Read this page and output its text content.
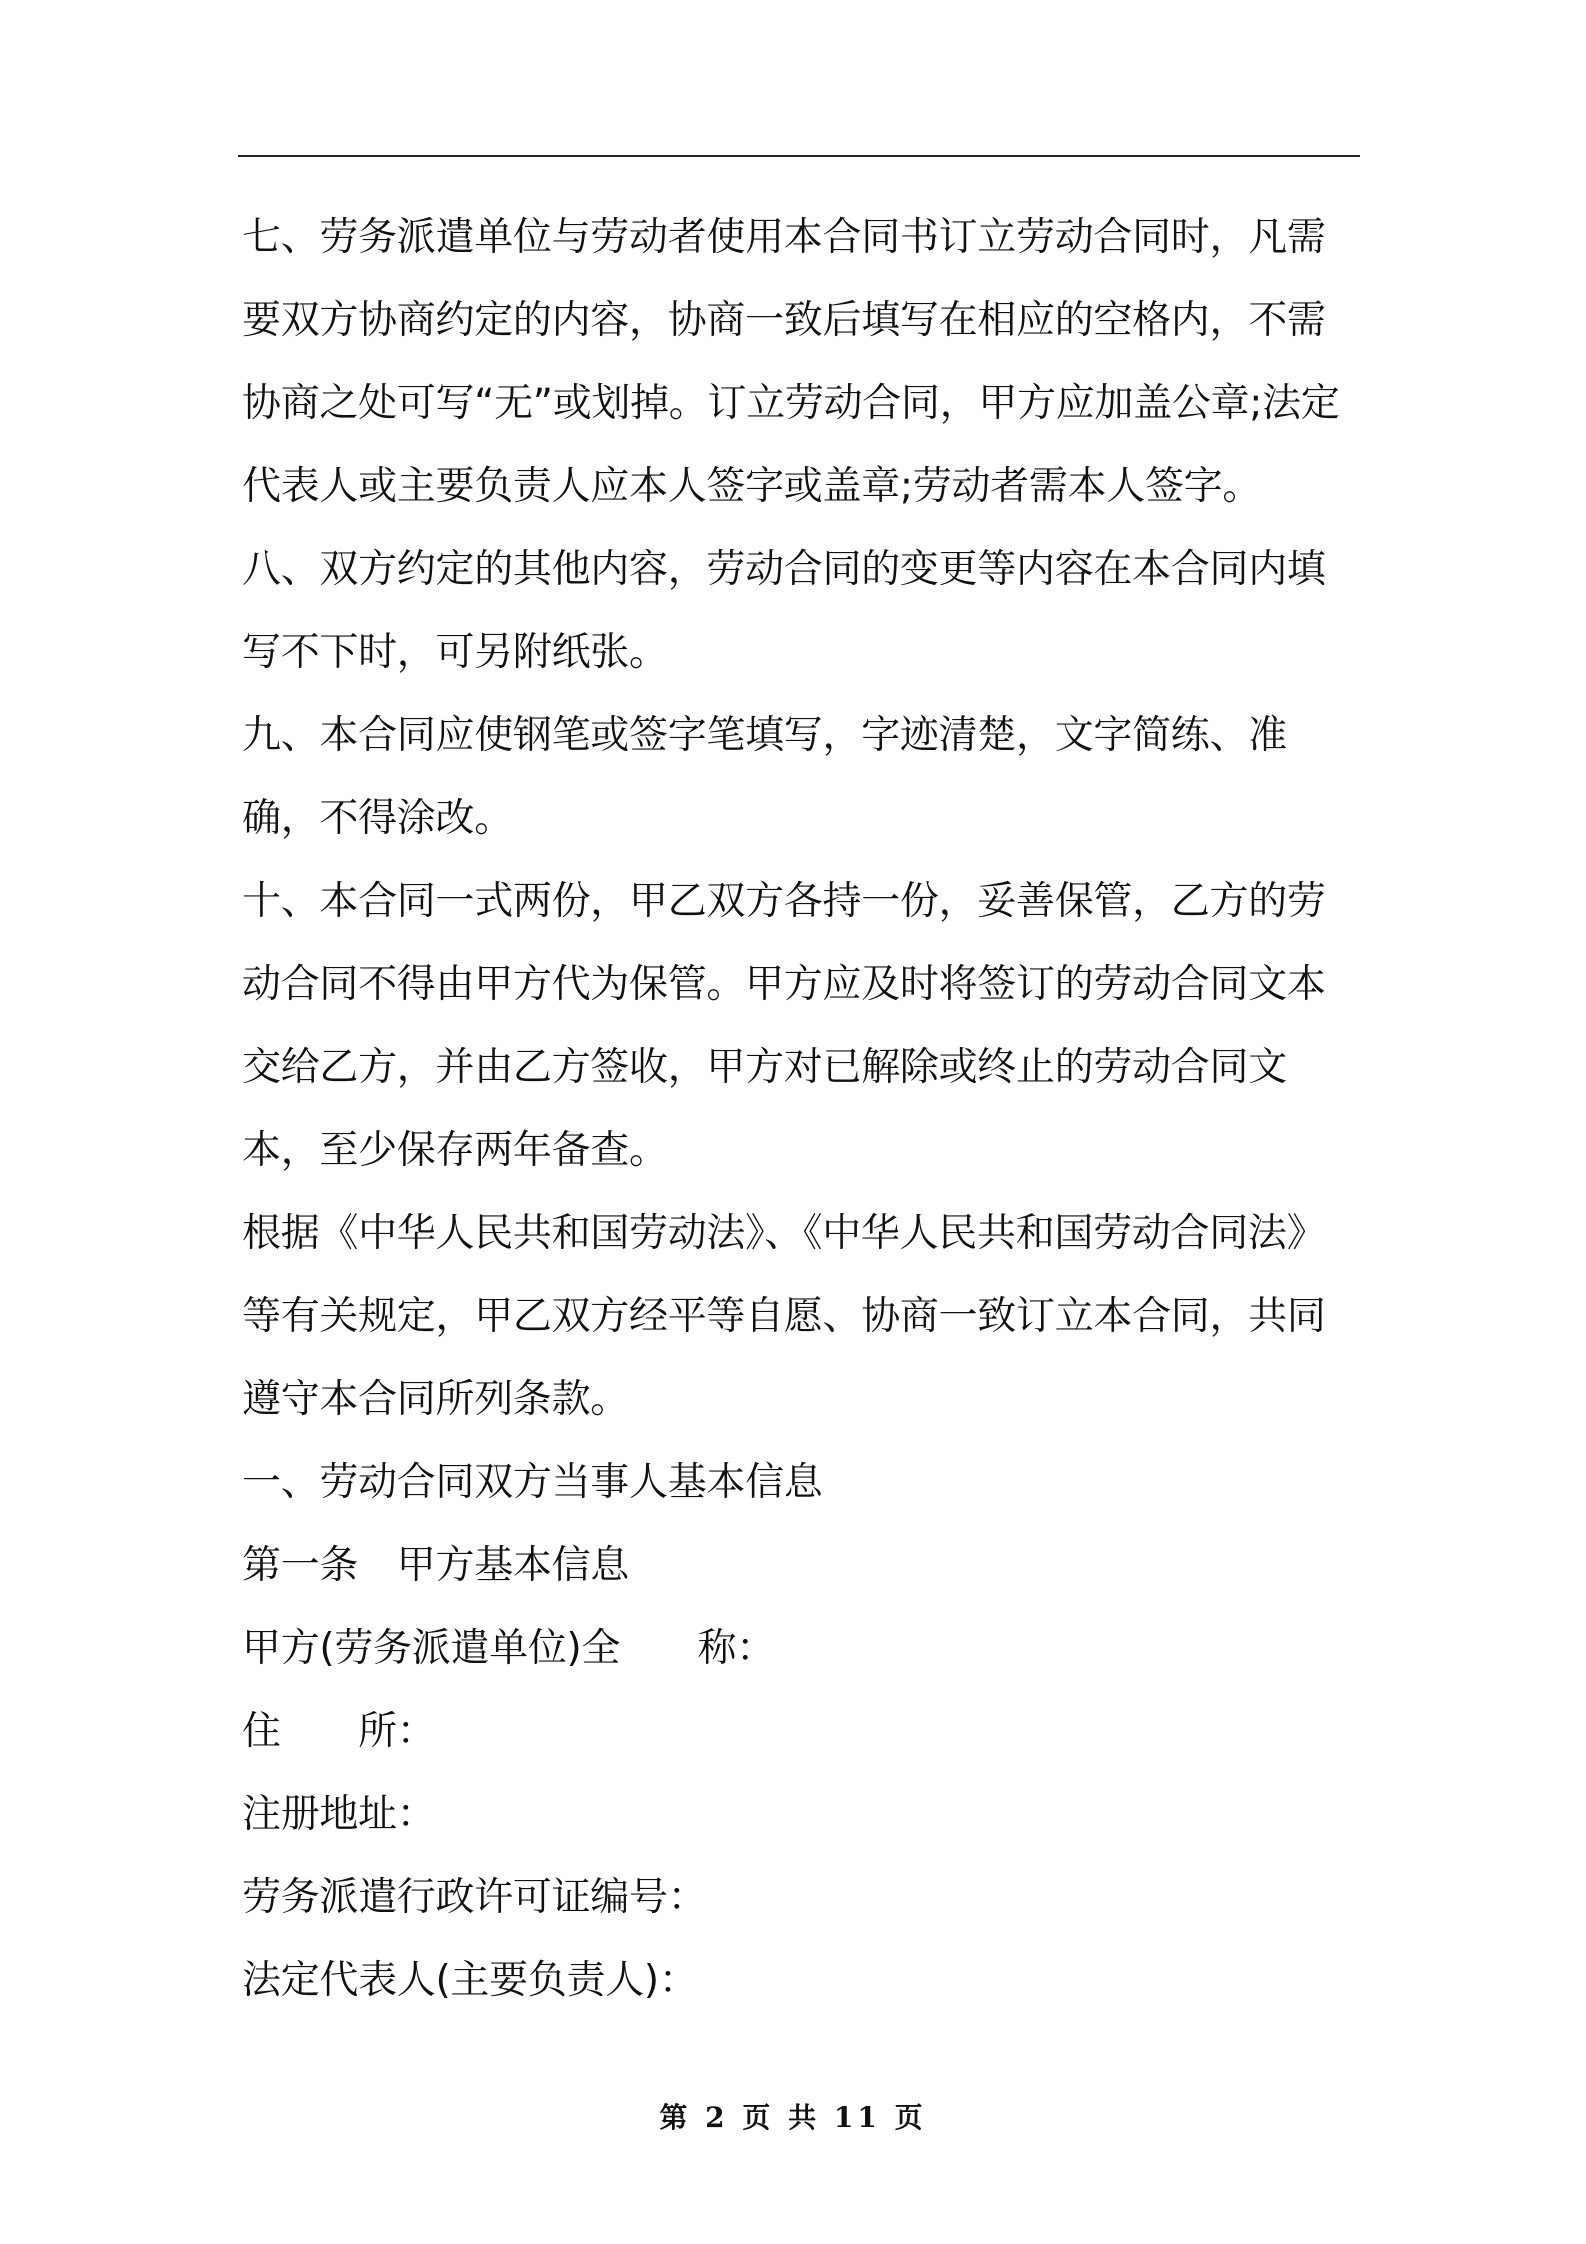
七、劳务派遣单位与劳动者使用本合同书订立劳动合同时，凡需要双方协商约定的内容，协商一致后填写在相应的空格内，不需协商之处可写“无”或划掉。订立劳动合同，甲方应加盖公章;法定代表人或主要负责人应本人签字或盖章;劳动者需本人签字。

八、双方约定的其他内容，劳动合同的变更等内容在本合同内填写不下时，可另附纸张。

九、本合同应使钢笔或签字笔填写，字迹清楚，文字简练、准确，不得涂改。

十、本合同一式两份，甲乙双方各持一份，妥善保管，乙方的劳动合同不得由甲方代为保管。甲方应及时将签订的劳动合同文本交给乙方，并由乙方签收，甲方对已解除或终止的劳动合同文本，至少保存两年备查。

根据《中华人民共和国劳动法》、《中华人民共和国劳动合同法》等有关规定，甲乙双方经平等自愿、协商一致订立本合同，共同遵守本合同所列条款。

一、劳动合同双方当事人基本信息

第一条　甲方基本信息

甲方(劳务派遣单位)全　　称：

住　　所：

注册地址：

劳务派遣行政许可证编号：

法定代表人(主要负责人)：

第 2 页 共 11 页
